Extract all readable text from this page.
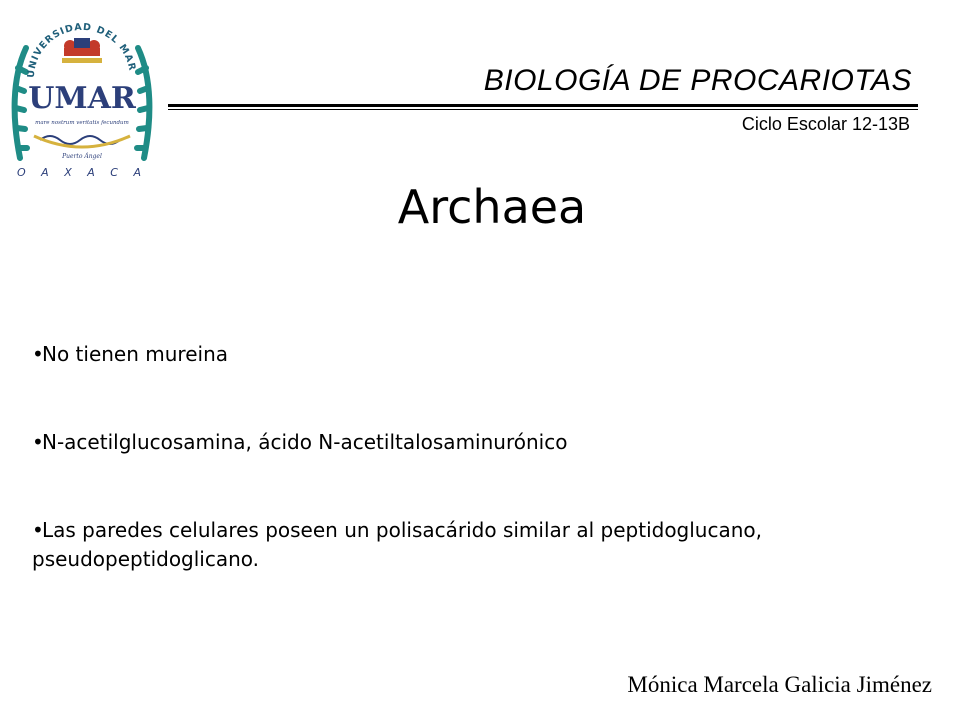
UNIVERSIDAD DEL MAR
UMAR
mare nostrum veritatis fecundum
Puerto Ángel
O A X A C A
BIOLOGÍA DE PROCARIOTAS
Ciclo Escolar 12-13B
Archaea
•
No tienen mureina
•
N-acetilglucosamina, ácido N-acetiltalosaminurónico
•
Las paredes celulares poseen un polisacárido similar al peptidoglucano, pseudopeptidoglicano.
Mónica Marcela Galicia Jiménez
